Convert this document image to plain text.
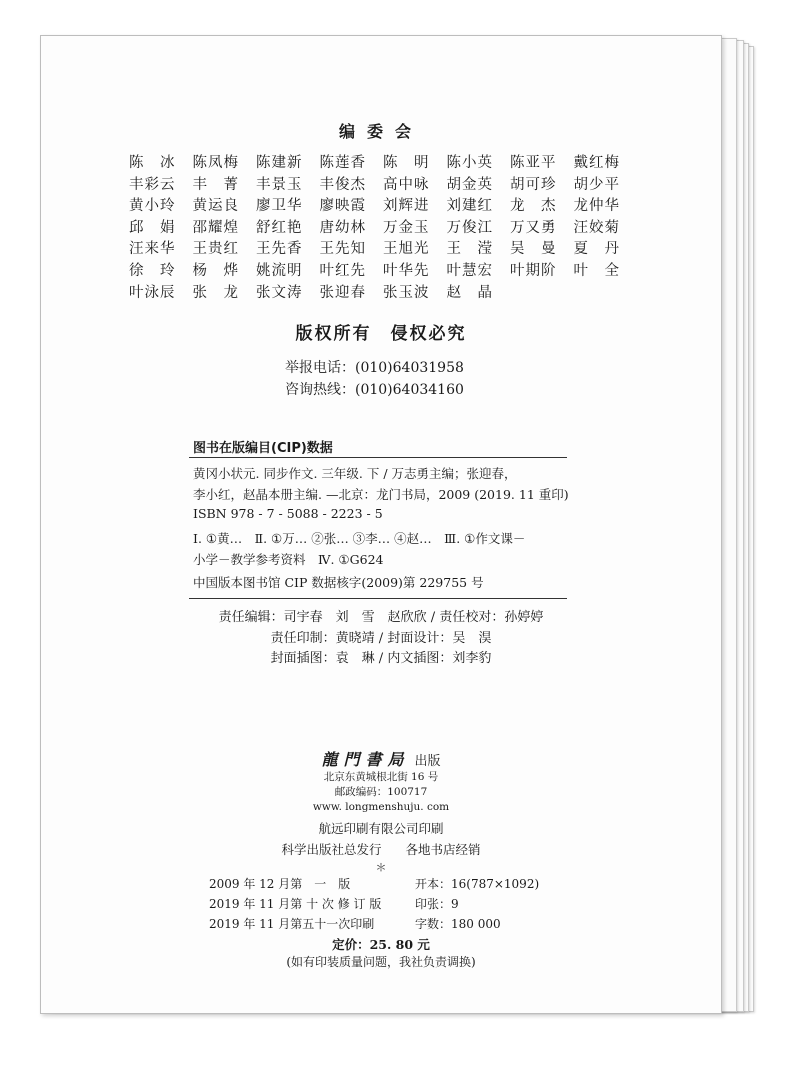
编委会
陈　冰	陈凤梅	陈建新	陈莲香	陈　明	陈小英	陈亚平	戴红梅
丰彩云	丰　菁	丰景玉	丰俊杰	高中咏	胡金英	胡可珍	胡少平
黄小玲	黄运良	廖卫华	廖映霞	刘辉进	刘建红	龙　杰	龙仲华
邱　娟	邵耀煌	舒红艳	唐幼林	万金玉	万俊江	万又勇	汪姣菊
汪来华	王贵红	王先香	王先知	王旭光	王　滢	吴　曼	夏　丹
徐　玲	杨　烨	姚流明	叶红先	叶华先	叶慧宏	叶期阶	叶　全
叶泳辰	张　龙	张文涛	张迎春	张玉波	赵　晶
版权所有　侵权必究
举报电话：(010)64031958
咨询热线：(010)64034160
图书在版编目(CIP)数据
黄冈小状元. 同步作文. 三年级. 下 / 万志勇主编；张迎春，
李小红，赵晶本册主编. —北京：龙门书局，2009 (2019. 11 重印)
ISBN 978 - 7 - 5088 - 2223 - 5
Ⅰ. ①黄…　Ⅱ. ①万… ②张… ③李… ④赵…　Ⅲ. ①作文课－
小学－教学参考资料　Ⅳ. ①G624
中国版本图书馆 CIP 数据核字(2009)第 229755 号
责任编辑：司宇春　刘　雪　赵欣欣 / 责任校对：孙婷婷
责任印制：黄晓靖 / 封面设计：吴　淏
封面插图：袁　琳 / 内文插图：刘李豹
龍門書局 出版
北京东黄城根北街 16 号
邮政编码：100717
www. longmenshuju. com
航远印刷有限公司印刷
科学出版社总发行 各地书店经销
＊
2009 年 12 月第　一　版	开本：16(787×1092)
2019 年 11 月第 十 次 修 订 版	印张：9
2019 年 11 月第五十一次印刷	字数：180 000
定价：25. 80 元
(如有印装质量问题，我社负责调换)
